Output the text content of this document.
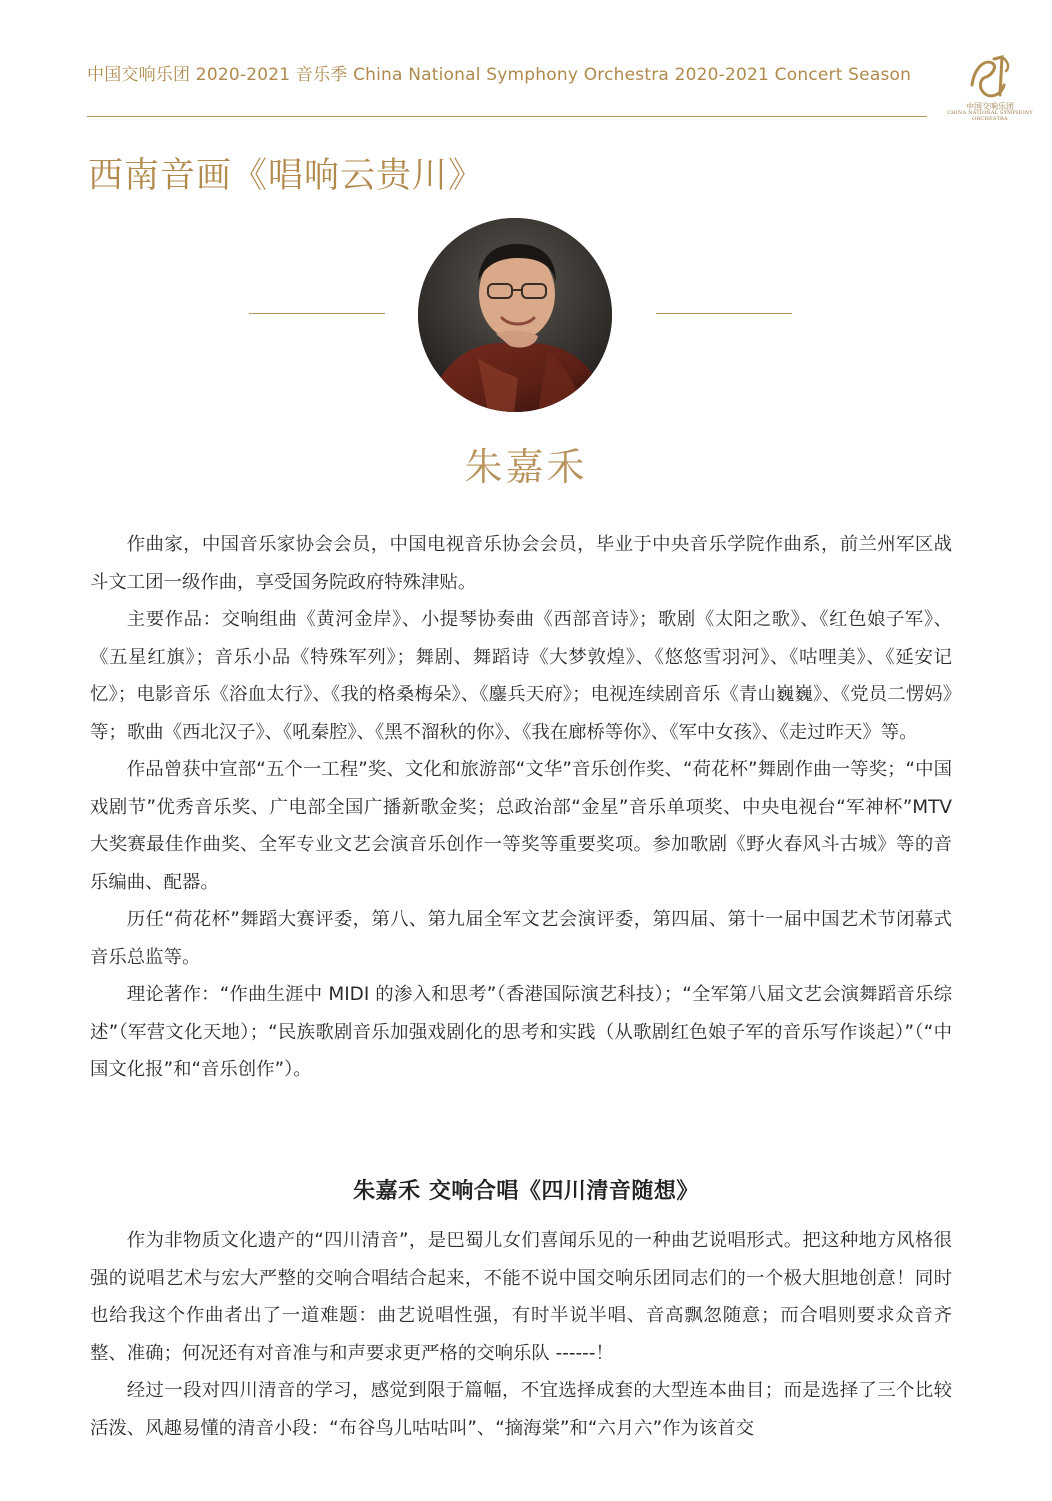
中国交响乐团 2020-2021 音乐季 China National Symphony Orchestra 2020-2021 Concert Season
中国交响乐团
CHINA NATIONAL SYMPHONY ORCHESTRA
西南音画《唱响云贵川》
朱嘉禾

作曲家，中国音乐家协会会员，中国电视音乐协会会员，毕业于中央音乐学院作曲系，前兰州军区战斗文工团一级作曲，享受国务院政府特殊津贴。

主要作品：交响组曲《黄河金岸》、小提琴协奏曲《西部音诗》；歌剧《太阳之歌》、《红色娘子军》、《五星红旗》；音乐小品《特殊军列》；舞剧、舞蹈诗《大梦敦煌》、《悠悠雪羽河》、《咕哩美》、《延安记忆》；电影音乐《浴血太行》、《我的格桑梅朵》、《鏖兵天府》；电视连续剧音乐《青山巍巍》、《党员二愣妈》等；歌曲《西北汉子》、《吼秦腔》、《黑不溜秋的你》、《我在廊桥等你》、《军中女孩》、《走过昨天》等。

作品曾获中宣部“五个一工程”奖、文化和旅游部“文华”音乐创作奖、“荷花杯”舞剧作曲一等奖；“中国戏剧节”优秀音乐奖、广电部全国广播新歌金奖；总政治部“金星”音乐单项奖、中央电视台“军神杯”MTV 大奖赛最佳作曲奖、全军专业文艺会演音乐创作一等奖等重要奖项。参加歌剧《野火春风斗古城》等的音乐编曲、配器。

历任“荷花杯”舞蹈大赛评委，第八、第九届全军文艺会演评委，第四届、第十一届中国艺术节闭幕式音乐总监等。

理论著作：“作曲生涯中 MIDI 的渗入和思考”（香港国际演艺科技）；“全军第八届文艺会演舞蹈音乐综述”（军营文化天地）；“民族歌剧音乐加强戏剧化的思考和实践（从歌剧红色娘子军的音乐写作谈起）”（“中国文化报”和“音乐创作”）。

朱嘉禾 交响合唱《四川清音随想》

作为非物质文化遗产的“四川清音”，是巴蜀儿女们喜闻乐见的一种曲艺说唱形式。把这种地方风格很强的说唱艺术与宏大严整的交响合唱结合起来，不能不说中国交响乐团同志们的一个极大胆地创意！同时也给我这个作曲者出了一道难题：曲艺说唱性强，有时半说半唱、音高飘忽随意；而合唱则要求众音齐整、准确；何况还有对音准与和声要求更严格的交响乐队 ------！

经过一段对四川清音的学习，感觉到限于篇幅，不宜选择成套的大型连本曲目；而是选择了三个比较活泼、风趣易懂的清音小段：“布谷鸟儿咕咕叫”、“摘海棠”和“六月六”作为该首交
